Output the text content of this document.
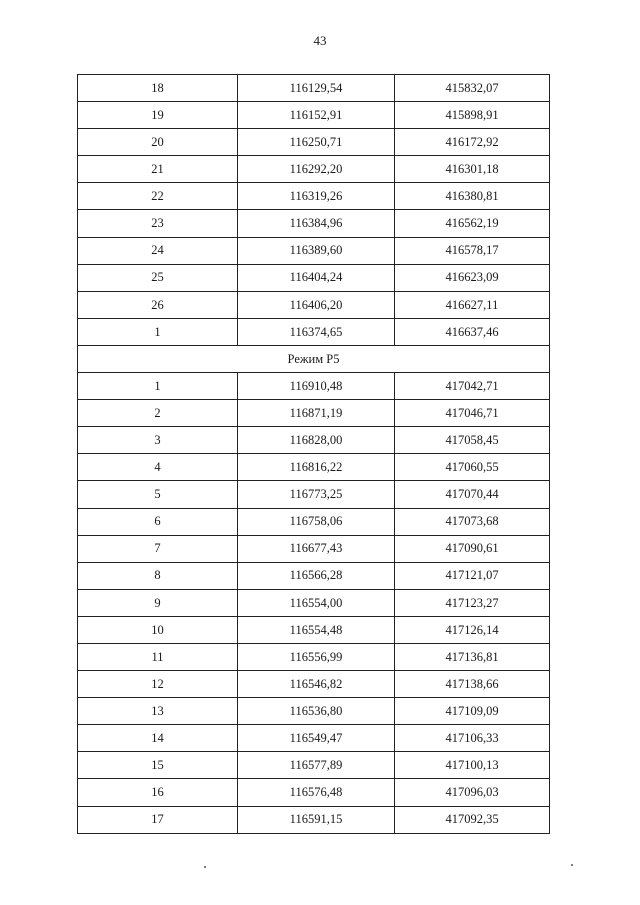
43
18	116129,54	415832,07
19	116152,91	415898,91
20	116250,71	416172,92
21	116292,20	416301,18
22	116319,26	416380,81
23	116384,96	416562,19
24	116389,60	416578,17
25	116404,24	416623,09
26	116406,20	416627,11
1	116374,65	416637,46
Режим Р5		
1	116910,48	417042,71
2	116871,19	417046,71
3	116828,00	417058,45
4	116816,22	417060,55
5	116773,25	417070,44
6	116758,06	417073,68
7	116677,43	417090,61
8	116566,28	417121,07
9	116554,00	417123,27
10	116554,48	417126,14
11	116556,99	417136,81
12	116546,82	417138,66
13	116536,80	417109,09
14	116549,47	417106,33
15	116577,89	417100,13
16	116576,48	417096,03
17	116591,15	417092,35
